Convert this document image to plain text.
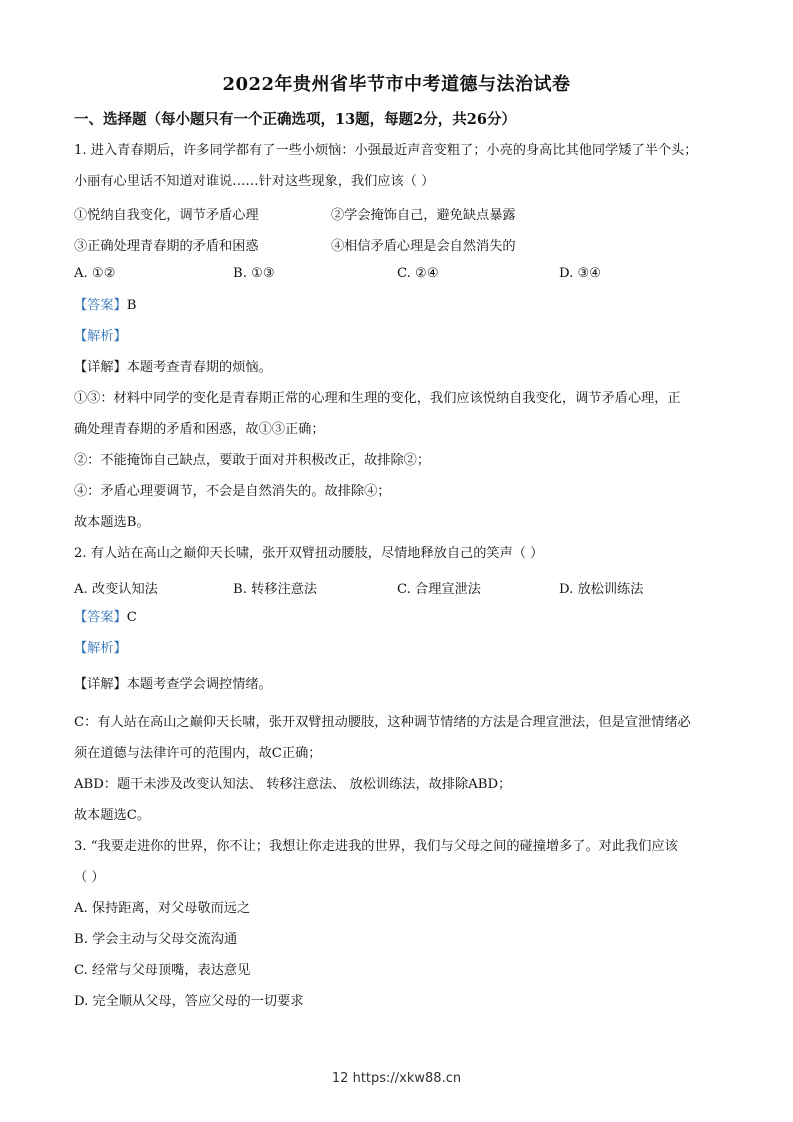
2022年贵州省毕节市中考道德与法治试卷
一、选择题（每小题只有一个正确选项，13题，每题2分，共26分）
1. 进入青春期后，许多同学都有了一些小烦恼：小强最近声音变粗了；小亮的身高比其他同学矮了半个头；
小丽有心里话不知道对谁说……针对这些现象，我们应该（ ）
①悦纳自我变化，调节矛盾心理	②学会掩饰自己，避免缺点暴露
③正确处理青春期的矛盾和困惑	④相信矛盾心理是会自然消失的
A. ①②	B. ①③	C. ②④	D. ③④
【答案】B
【解析】
【详解】本题考查青春期的烦恼。
①③：材料中同学的变化是青春期正常的心理和生理的变化，我们应该悦纳自我变化，调节矛盾心理，正
确处理青春期的矛盾和困惑，故①③正确；
②：不能掩饰自己缺点，要敢于面对并积极改正，故排除②；
④：矛盾心理要调节，不会是自然消失的。故排除④；
故本题选B。
2. 有人站在高山之巅仰天长啸，张开双臂扭动腰肢，尽情地释放自己的笑声（ ）
A. 改变认知法	B. 转移注意法	C. 合理宣泄法	D. 放松训练法
【答案】C
【解析】
【详解】本题考查学会调控情绪。
C：有人站在高山之巅仰天长啸，张开双臂扭动腰肢，这种调节情绪的方法是合理宣泄法，但是宣泄情绪必
须在道德与法律许可的范围内，故C正确；
ABD：题干未涉及改变认知法、 转移注意法、 放松训练法，故排除ABD；
故本题选C。
3. “我要走进你的世界，你不让；我想让你走进我的世界，我们与父母之间的碰撞增多了。对此我们应该
（ ）
A. 保持距离，对父母敬而远之
B. 学会主动与父母交流沟通
C. 经常与父母顶嘴，表达意见
D. 完全顺从父母，答应父母的一切要求
12 https://xkw88.cn
